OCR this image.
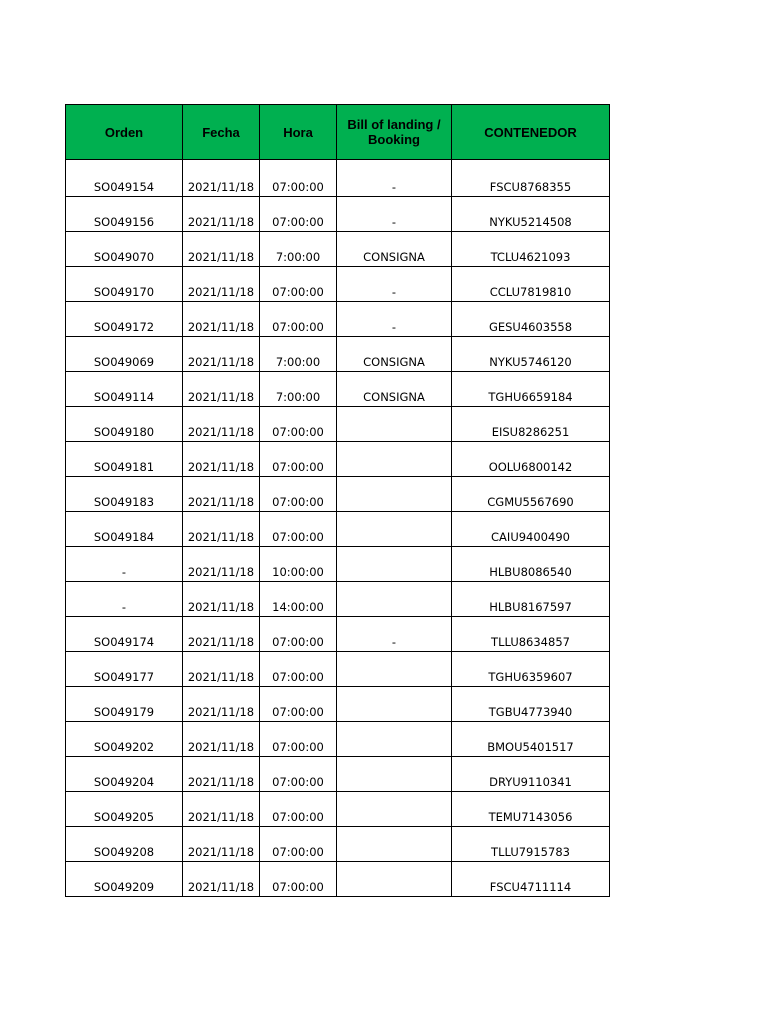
Orden	Fecha	Hora	Bill of landing / Booking	CONTENEDOR
SO049154	2021/11/18	07:00:00	-	FSCU8768355
SO049156	2021/11/18	07:00:00	-	NYKU5214508
SO049070	2021/11/18	7:00:00	CONSIGNA	TCLU4621093
SO049170	2021/11/18	07:00:00	-	CCLU7819810
SO049172	2021/11/18	07:00:00	-	GESU4603558
SO049069	2021/11/18	7:00:00	CONSIGNA	NYKU5746120
SO049114	2021/11/18	7:00:00	CONSIGNA	TGHU6659184
SO049180	2021/11/18	07:00:00		EISU8286251
SO049181	2021/11/18	07:00:00		OOLU6800142
SO049183	2021/11/18	07:00:00		CGMU5567690
SO049184	2021/11/18	07:00:00		CAIU9400490
-	2021/11/18	10:00:00		HLBU8086540
-	2021/11/18	14:00:00		HLBU8167597
SO049174	2021/11/18	07:00:00	-	TLLU8634857
SO049177	2021/11/18	07:00:00		TGHU6359607
SO049179	2021/11/18	07:00:00		TGBU4773940
SO049202	2021/11/18	07:00:00		BMOU5401517
SO049204	2021/11/18	07:00:00		DRYU9110341
SO049205	2021/11/18	07:00:00		TEMU7143056
SO049208	2021/11/18	07:00:00		TLLU7915783
SO049209	2021/11/18	07:00:00		FSCU4711114
